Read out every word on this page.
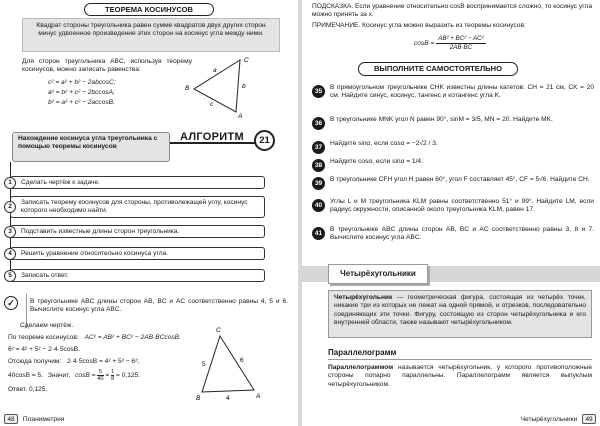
ТЕОРЕМА КОСИНУСОВ
Квадрат стороны треугольника равен сумме квадратов двух других сторон минус удвоенное произведение этих сторон на косинус угла между ними.
Для сторон треугольника ABC, используя теорему косинусов, можно записать равенства:
c² = a² + b² − 2abcosC;
a² = b² + c² − 2bccosA;
b² = a² + c² − 2accosB.
C
B
A
a
b
c
Нахождение косинуса угла треугольника с помощью теоремы косинусов
АЛГОРИТМ	21
1	Сделать чертёж к задаче.
2
Записать теорему косинусов для стороны, противолежащей углу, косинус которого необходимо найти.
3	Подставить известные длины сторон треугольника.
4	Решить уравнение относительно косинуса угла.
5	Записать ответ.
✓	В треугольнике ABC длины сторон AB, BC и AC соответственно равны 4, 5 и 6. Вычислите косинус угла ABC.
Сделаем чертёж.
По теореме косинусов: AC² = AB² + BC² − 2AB·BCcosB.
6² = 4² + 5² − 2·4·5cosB.
Отсюда получим: 2·4·5cosB = 4² + 5² − 6²;
40cosB = 5. Значит, $\cos B = \frac{5}{40} = \frac{1}{8} = 0,125$.
Ответ. 0,125.
C
B	A
5
6
4
48 Планиметрия
ПОДСКАЗКА. Если уравнение относительно cosB воспринимается сложно, то косинус угла можно принять за x.
ПРИМЕЧАНИЕ. Косинус угла можно выразить из теоремы косинусов:
$\cos B = \frac{\text{AB² + BC² − AC²}}{2AB\cdot BC}$
ВЫПОЛНИТЕ САМОСТОЯТЕЛЬНО
35
В прямоугольном треугольнике CHK известны длины катетов: CH = 21 см, CK = 20 см. Найдите синус, косинус, тангенс и котангенс угла K.
36
В треугольнике MNK угол N равен 90°, sinM = 3/5, MN = 20. Найдите MK.
37
Найдите sinα, если cosα = −2√2 / 3.
38
Найдите cosα, если sinα = 1/4.
39
В треугольнике CFH угол H равен 60°, угол F составляет 45°, CF = 5√6. Найдите CH.
40
Углы L и M треугольника KLM равны соответственно 51° и 99°. Найдите LM, если радиус окружности, описанной около треугольника KLM, равен 17.
41
В треугольнике ABC длины сторон AB, BC и AC соответственно равны 3, 8 и 7. Вычислите косинус угла ABC.
Четырёхугольники
Четырёхугольник — геометрическая фигура, состоящая из четырёх точек, никакие три из которых не лежат на одной прямой, и отрезков, последовательно соединяющих эти точки. Фигуру, состоящую из сторон четырёхугольника и его внутренней области, также называют четырёхугольником.
Параллелограмм
Параллелограммом называется четырёхугольник, у которого противоположные стороны попарно параллельны. Параллелограмм является выпуклым четырёхугольником.
Четырёхугольники 49
